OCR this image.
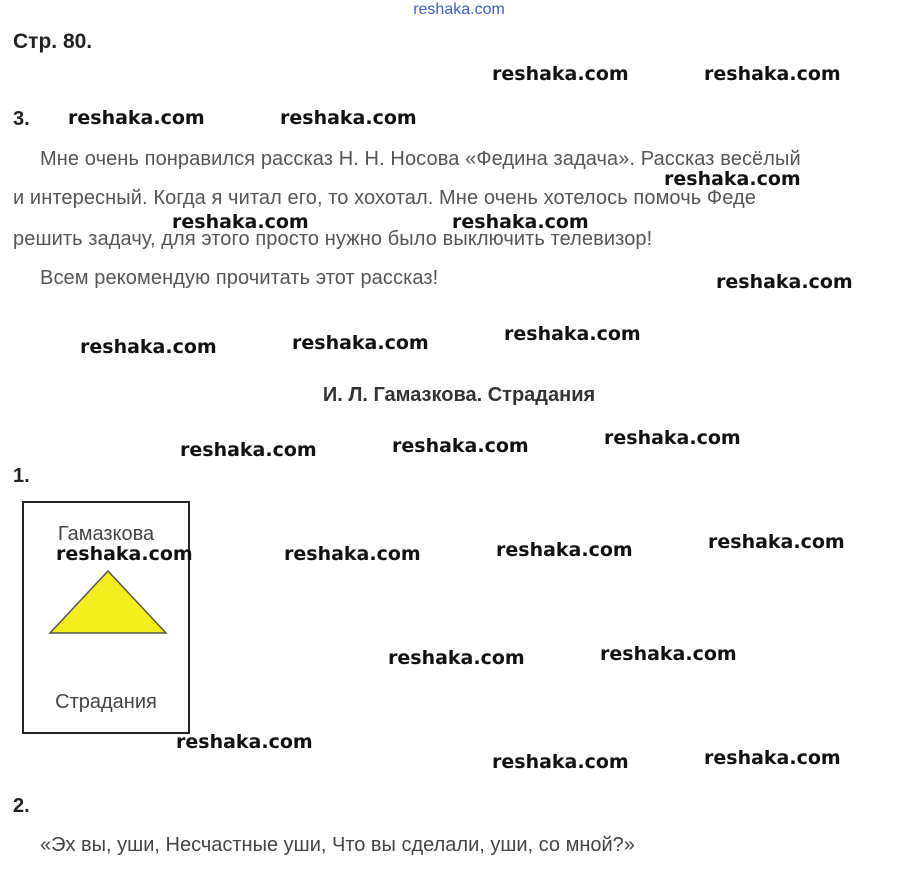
reshaka.com
Стр. 80.
3.
Мне очень понравился рассказ Н. Н. Носова «Федина задача». Рассказ весёлый
и интересный. Когда я читал его, то хохотал. Мне очень хотелось помочь Феде
решить задачу, для этого просто нужно было выключить телевизор!
Всем рекомендую прочитать этот рассказ!
И. Л. Гамазкова. Страдания
1.
Гамазкова
Страдания
2.
«Эх вы, уши, Несчастные уши, Что вы сделали, уши, со мной?»
reshaka.com	reshaka.com
reshaka.com	reshaka.com
reshaka.com
reshaka.com	reshaka.com
reshaka.com
reshaka.com	reshaka.com	reshaka.com
reshaka.com	reshaka.com	reshaka.com
reshaka.com	reshaka.com	reshaka.com	reshaka.com
reshaka.com	reshaka.com
reshaka.com
reshaka.com	reshaka.com
